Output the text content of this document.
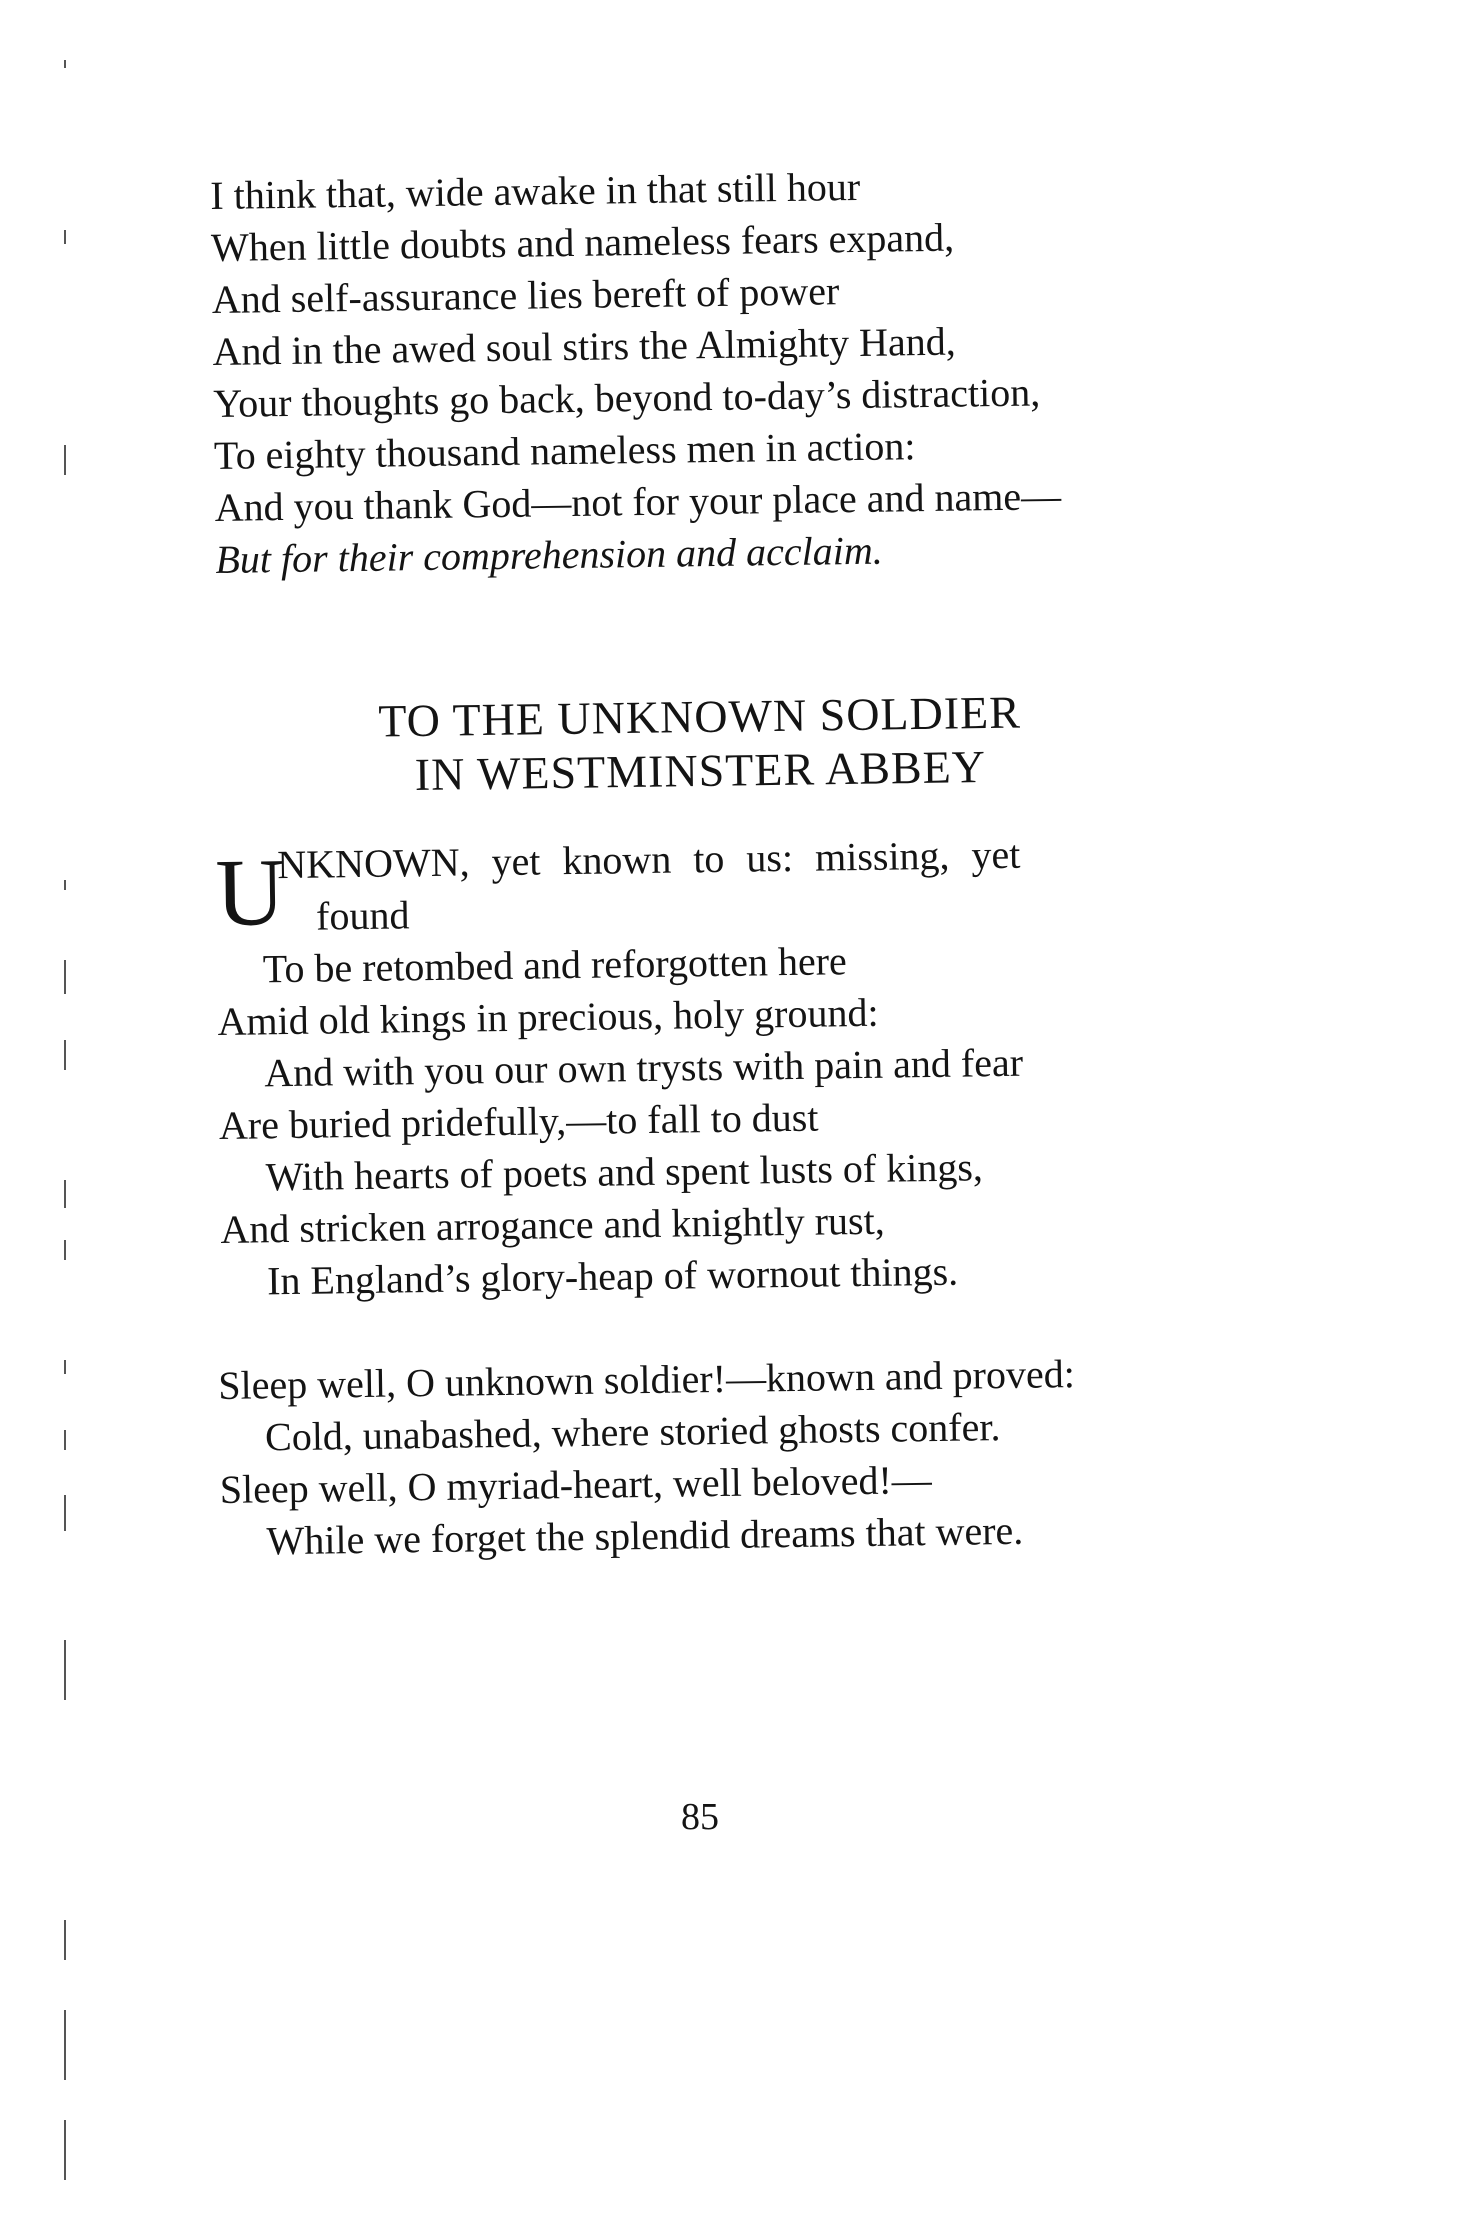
I think that, wide awake in that still hour
When little doubts and nameless fears expand,
And self-assurance lies bereft of power
And in the awed soul stirs the Almighty Hand,
Your thoughts go back, beyond to-day’s distraction,
To eighty thousand nameless men in action:
And you thank God—not for your place and name—
But for their comprehension and acclaim.
TO THE UNKNOWN SOLDIER
IN WESTMINSTER ABBEY
U
NKNOWN, yet known to us: missing, yet
found
To be retombed and reforgotten here
Amid old kings in precious, holy ground:
And with you our own trysts with pain and fear
Are buried pridefully,—to fall to dust
With hearts of poets and spent lusts of kings,
And stricken arrogance and knightly rust,
In England’s glory-heap of wornout things.
Sleep well, O unknown soldier!—known and proved:
Cold, unabashed, where storied ghosts confer.
Sleep well, O myriad-heart, well beloved!—
While we forget the splendid dreams that were.
85
